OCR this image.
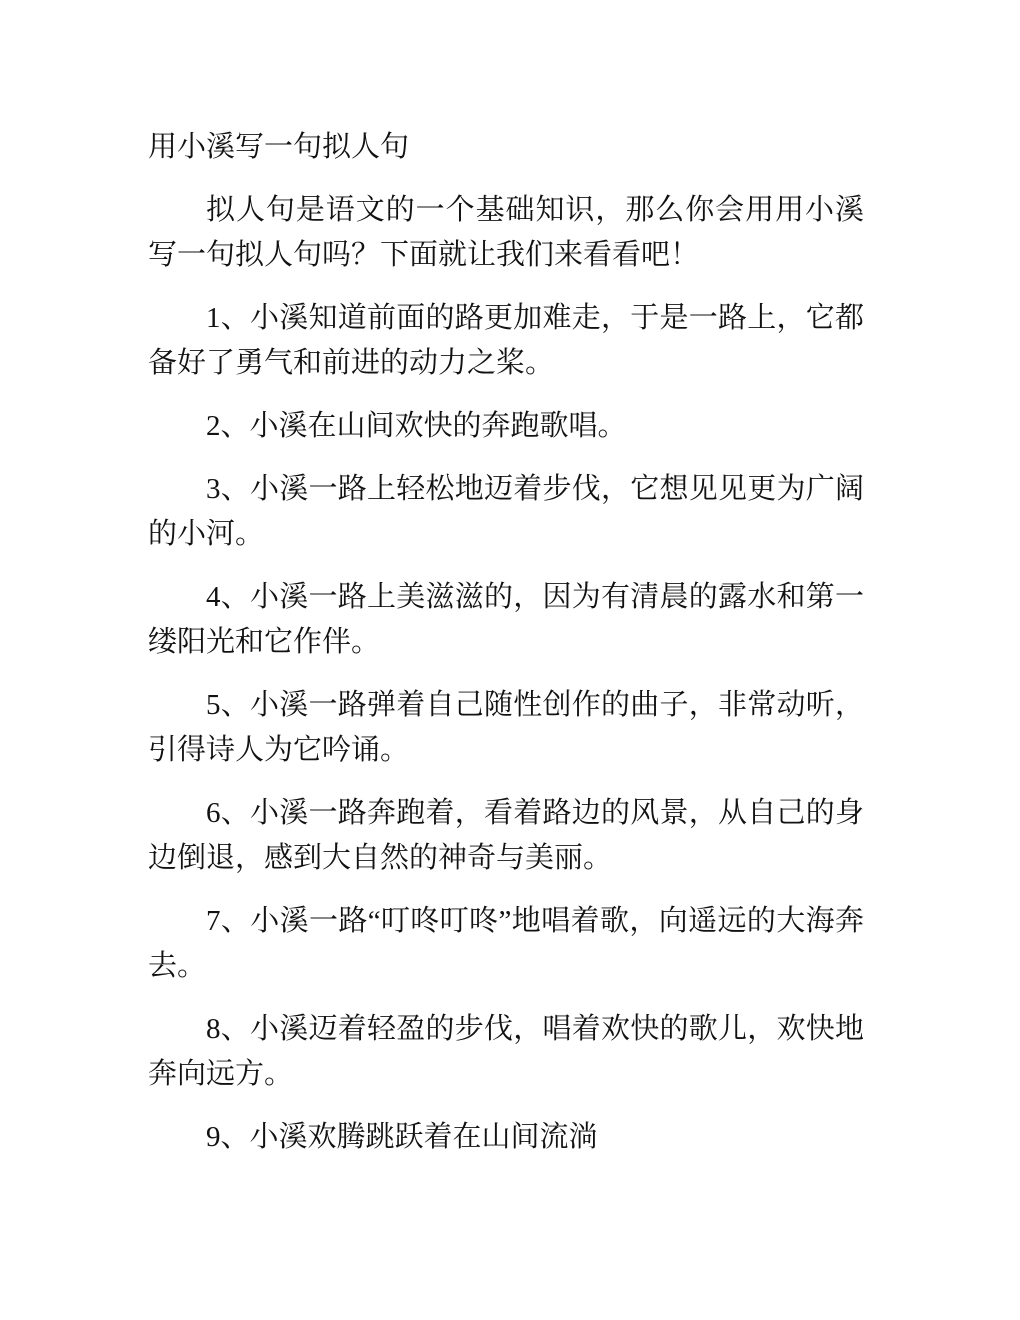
用小溪写一句拟人句

拟人句是语文的一个基础知识，那么你会用用小溪写一句拟人句吗？下面就让我们来看看吧！

1、小溪知道前面的路更加难走，于是一路上，它都备好了勇气和前进的动力之桨。

2、小溪在山间欢快的奔跑歌唱。

3、小溪一路上轻松地迈着步伐，它想见见更为广阔的小河。

4、小溪一路上美滋滋的，因为有清晨的露水和第一缕阳光和它作伴。

5、小溪一路弹着自己随性创作的曲子，非常动听，引得诗人为它吟诵。

6、小溪一路奔跑着，看着路边的风景，从自己的身边倒退，感到大自然的神奇与美丽。

7、小溪一路“叮咚叮咚”地唱着歌，向遥远的大海奔去。

8、小溪迈着轻盈的步伐，唱着欢快的歌儿，欢快地奔向远方。

9、小溪欢腾跳跃着在山间流淌
